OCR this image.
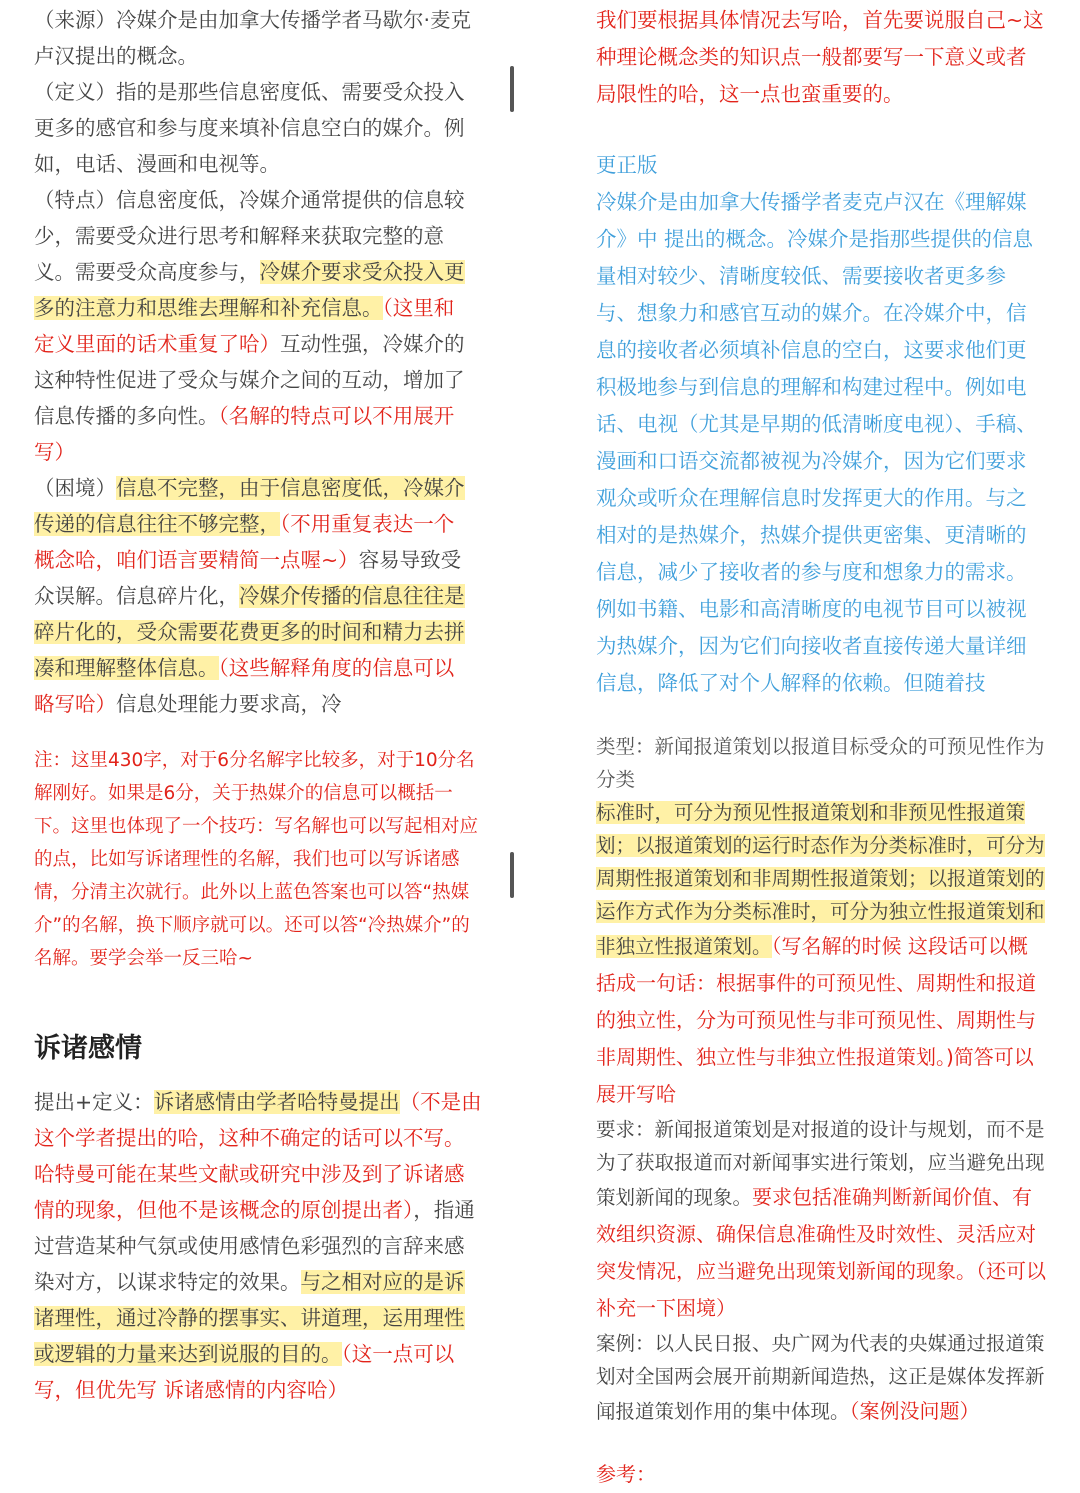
（来源）冷媒介是由加拿大传播学者马歇尔·麦克卢汉提出的概念。

（定义）指的是那些信息密度低、需要受众投入更多的感官和参与度来填补信息空白的媒介。例如，电话、漫画和电视等。

（特点）信息密度低，冷媒介通常提供的信息较少，需要受众进行思考和解释来获取完整的意义。需要受众高度参与，冷媒介要求受众投入更多的注意力和思维去理解和补充信息。（这里和定义里面的话术重复了哈）互动性强，冷媒介的这种特性促进了受众与媒介之间的互动，增加了信息传播的多向性。（名解的特点可以不用展开写）

（困境）信息不完整，由于信息密度低，冷媒介传递的信息往往不够完整，（不用重复表达一个概念哈，咱们语言要精简一点喔~）容易导致受众误解。信息碎片化，冷媒介传播的信息往往是碎片化的，受众需要花费更多的时间和精力去拼凑和理解整体信息。（这些解释角度的信息可以略写哈）信息处理能力要求高，冷

我们要根据具体情况去写哈，首先要说服自己~这种理论概念类的知识点一般都要写一下意义或者局限性的哈，这一点也蛮重要的。

更正版

冷媒介是由加拿大传播学者麦克卢汉在《理解媒介》中 提出的概念。冷媒介是指那些提供的信息量相对较少、清晰度较低、需要接收者更多参与、想象力和感官互动的媒介。在冷媒介中，信息的接收者必须填补信息的空白，这要求他们更积极地参与到信息的理解和构建过程中。例如电话、电视（尤其是早期的低清晰度电视）、手稿、漫画和口语交流都被视为冷媒介，因为它们要求观众或听众在理解信息时发挥更大的作用。与之相对的是热媒介，热媒介提供更密集、更清晰的信息，减少了接收者的参与度和想象力的需求。例如书籍、电影和高清晰度的电视节目可以被视为热媒介，因为它们向接收者直接传递大量详细信息，降低了对个人解释的依赖。但随着技

注：这里430字，对于6分名解字比较多，对于10分名解刚好。如果是6分，关于热媒介的信息可以概括一下。这里也体现了一个技巧：写名解也可以写起相对应的点，比如写诉诸理性的名解，我们也可以写诉诸感情，分清主次就行。此外以上蓝色答案也可以答“热媒介”的名解，换下顺序就可以。还可以答“冷热媒介”的名解。要学会举一反三哈~
诉诸感情

提出+定义：诉诸感情由学者哈特曼提出（不是由这个学者提出的哈，这种不确定的话可以不写。哈特曼可能在某些文献或研究中涉及到了诉诸感情的现象，但他不是该概念的原创提出者），指通过营造某种气氛或使用感情色彩强烈的言辞来感染对方，以谋求特定的效果。与之相对应的是诉诸理性，通过冷静的摆事实、讲道理，运用理性或逻辑的力量来达到说服的目的。（这一点可以写，但优先写 诉诸感情的内容哈）

类型：新闻报道策划以报道目标受众的可预见性作为分类

标准时，可分为预见性报道策划和非预见性报道策划；以报道策划的运行时态作为分类标准时，可分为周期性报道策划和非周期性报道策划；以报道策划的运作方式作为分类标准时，可分为独立性报道策划和非独立性报道策划。（写名解的时候 这段话可以概括成一句话：根据事件的可预见性、周期性和报道的独立性，分为可预见性与非可预见性、周期性与非周期性、独立性与非独立性报道策划。)简答可以展开写哈

要求：新闻报道策划是对报道的设计与规划，而不是为了获取报道而对新闻事实进行策划，应当避免出现策划新闻的现象。要求包括准确判断新闻价值、有效组织资源、确保信息准确性及时效性、灵活应对突发情况，应当避免出现策划新闻的现象。（还可以补充一下困境）

案例：以人民日报、央广网为代表的央媒通过报道策划对全国两会展开前期新闻造热，这正是媒体发挥新闻报道策划作用的集中体现。（案例没问题）

参考：
